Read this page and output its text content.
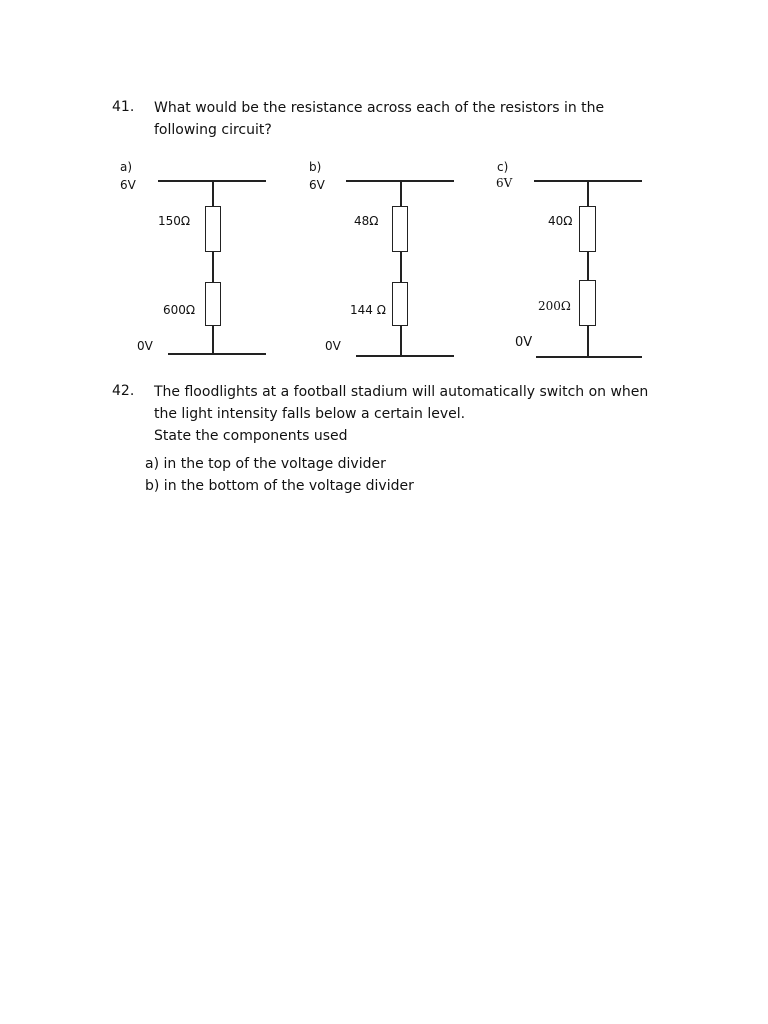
41. What would be the resistance across each of the resistors in the
following circuit?
a)
6V
150Ω
600Ω
0V
b)
6V
48Ω
144 Ω
0V
c)
6V
40Ω
200Ω
0V
42. The floodlights at a football stadium will automatically switch on when
the light intensity falls below a certain level.
State the components used
a) in the top of the voltage divider
b) in the bottom of the voltage divider
